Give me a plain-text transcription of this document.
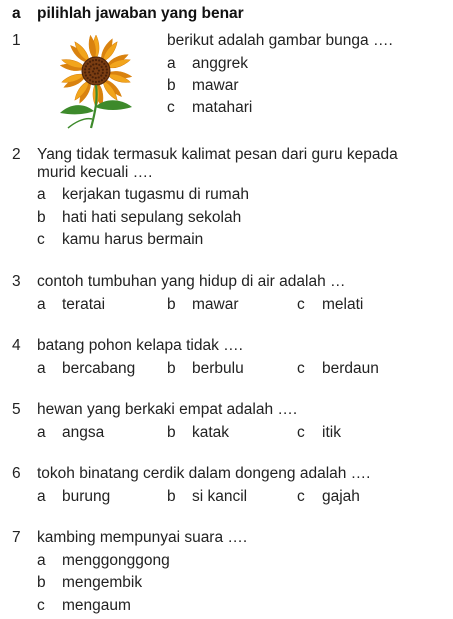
a pilihlah jawaban yang benar
1	berikut adalah gambar bunga ….
a anggrek
b mawar
c matahari
2 Yang tidak termasuk kalimat pesan dari guru kepada
murid kecuali ….
a kerjakan tugasmu di rumah
b hati hati sepulang sekolah
c kamu harus bermain
3 contoh tumbuhan yang hidup di air adalah …
a teratai	b mawar	c melati
4 batang pohon kelapa tidak ….
a bercabang b berbulu	c berdaun
5 hewan yang berkaki empat adalah ….
a angsa	b katak	c itik
6 tokoh binatang cerdik dalam dongeng adalah ….
a burung	b si kancil	c gajah
7 kambing mempunyai suara ….
a menggonggong
b mengembik
c mengaum
